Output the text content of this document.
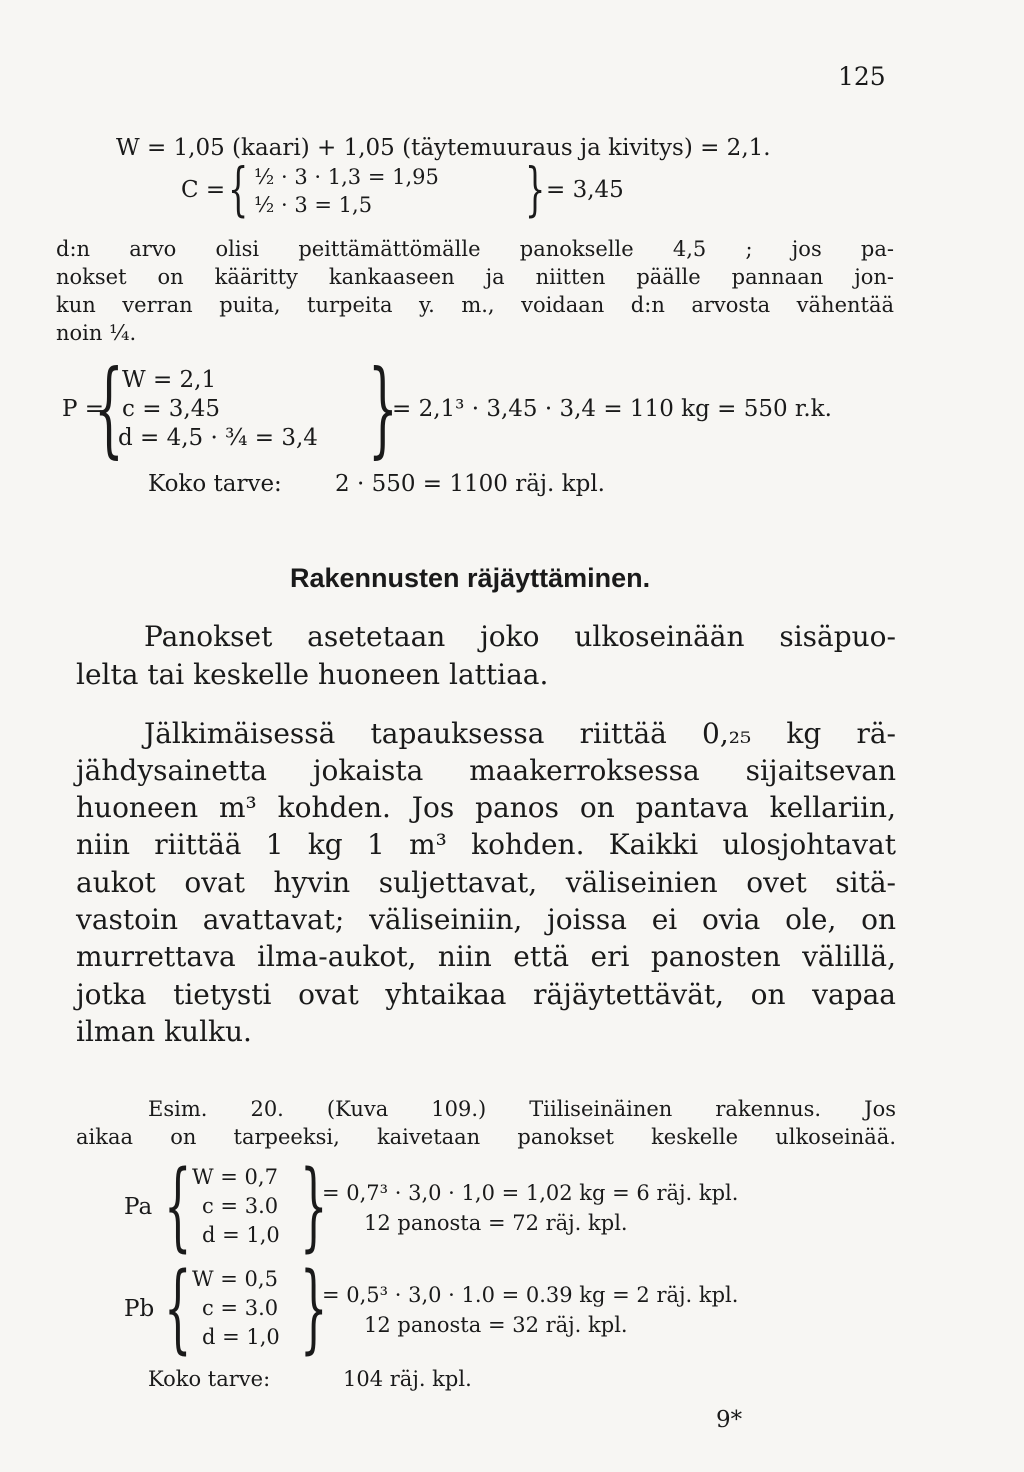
125
W = 1,05 (kaari) + 1,05 (täytemuuraus ja kivitys) = 2,1.
C = { ½ · 3 · 1,3 = 1,95
½ · 3 = 1,5	} = 3,45
d:n arvo olisi peittämättömälle panokselle 4,5 ; jos pa-
nokset on kääritty kankaaseen ja niitten päälle pannaan jon-
kun verran puita, turpeita y. m., voidaan d:n arvosta vähentää
noin ¼.
P =
{
W = 2,1
c = 3,45
d = 4,5 · ¾ = 3,4 }
= 2,1³ · 3,45 · 3,4 = 110 kg = 550 r.k.
Koko tarve: 2 · 550 = 1100 räj. kpl.
Rakennusten räjäyttäminen.
Panokset asetetaan joko ulkoseinään sisäpuo-
lelta tai keskelle huoneen lattiaa.
Jälkimäisessä tapauksessa riittää 0,₂₅ kg rä-
jähdysainetta jokaista maakerroksessa sijaitsevan
huoneen m³ kohden. Jos panos on pantava kellariin,
niin riittää 1 kg 1 m³ kohden. Kaikki ulosjohtavat
aukot ovat hyvin suljettavat, väliseinien ovet sitä-
vastoin avattavat; väliseiniin, joissa ei ovia ole, on
murrettava ilma-aukot, niin että eri panosten välillä,
jotka tietysti ovat yhtaikaa räjäytettävät, on vapaa
ilman kulku.
Esim. 20. (Kuva 109.) Tiiliseinäinen rakennus. Jos
aikaa on tarpeeksi, kaivetaan panokset keskelle ulkoseinää.
Pa { W = 0,7
c = 3.0
d = 1,0 }
= 0,7³ · 3,0 · 1,0 = 1,02 kg = 6 räj. kpl.
12 panosta = 72 räj. kpl.
Pb { W = 0,5
c = 3.0
d = 1,0 }
= 0,5³ · 3,0 · 1.0 = 0.39 kg = 2 räj. kpl.
12 panosta = 32 räj. kpl.
Koko tarve:	104 räj. kpl.
9*
